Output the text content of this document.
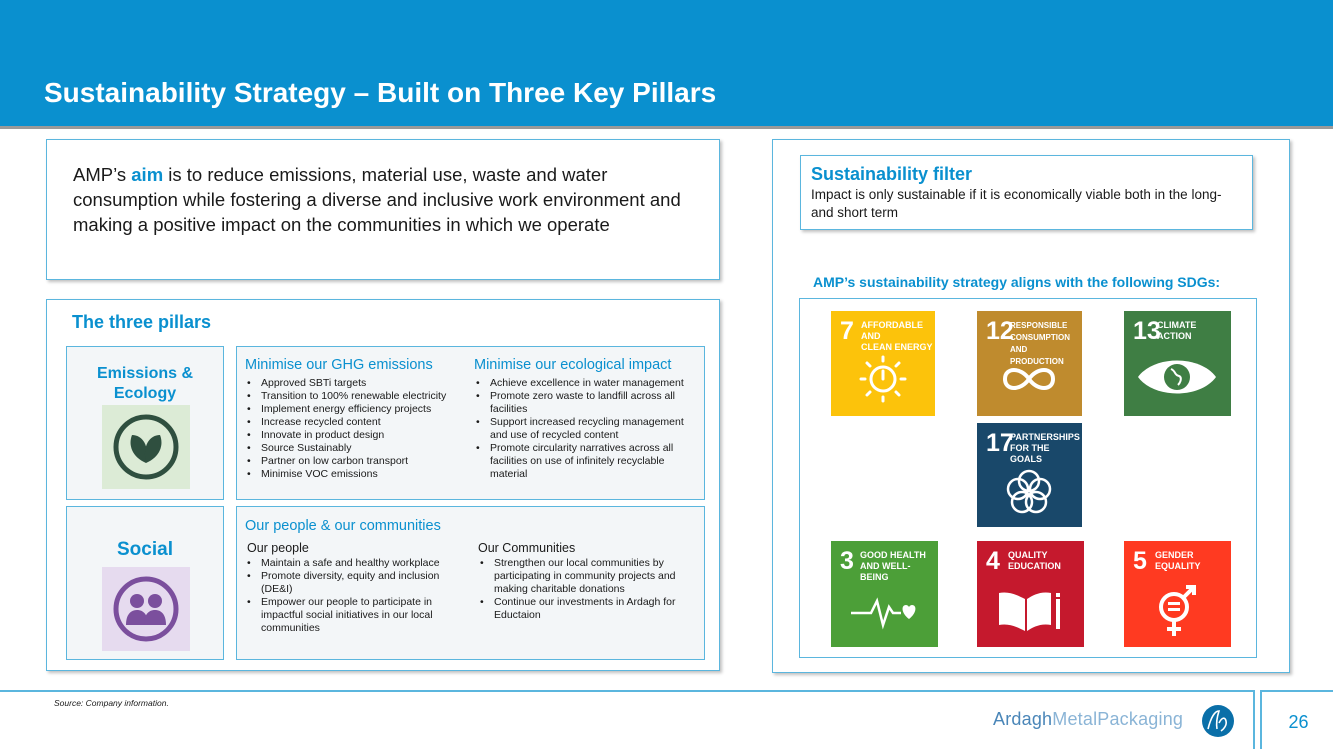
Sustainability Strategy – Built on Three Key Pillars
AMP’s aim is to reduce emissions, material use, waste and water consumption while fostering a diverse and inclusive work environment and making a positive impact on the communities in which we operate
The three pillars
Emissions &
Ecology
Minimise our GHG emissions
• Approved SBTi targets
• Transition to 100% renewable electricity
• Implement energy efficiency projects
• Increase recycled content
• Innovate in product design
• Source Sustainably
• Partner on low carbon transport
• Minimise VOC emissions
Minimise our ecological impact
• Achieve excellence in water management
• Promote zero waste to landfill across all facilities
• Support increased recycling management and use of recycled content
• Promote circularity narratives across all facilities on use of infinitely recyclable material
Social
Our people & our communities
Our people
• Maintain a safe and healthy workplace
• Promote diversity, equity and inclusion (DE&I)
• Empower our people to participate in impactful social initiatives in our local communities
Our Communities
• Strengthen our local communities by participating in community projects and making charitable donations
• Continue our investments in Ardagh for Eductaion
Sustainability filter
Impact is only sustainable if it is economically viable both in the long- and short term
AMP’s sustainability strategy aligns with the following SDGs:
7 AFFORDABLE AND
CLEAN ENERGY
12
RESPONSIBLE
CONSUMPTION
AND PRODUCTION
13
CLIMATE
ACTION
17
PARTNERSHIPS
FOR THE GOALS
3 GOOD HEALTH
AND WELL-BEING
4 QUALITY
EDUCATION	5 GENDER
EQUALITY
26
Source: Company information.
ArdaghMetalPackaging
